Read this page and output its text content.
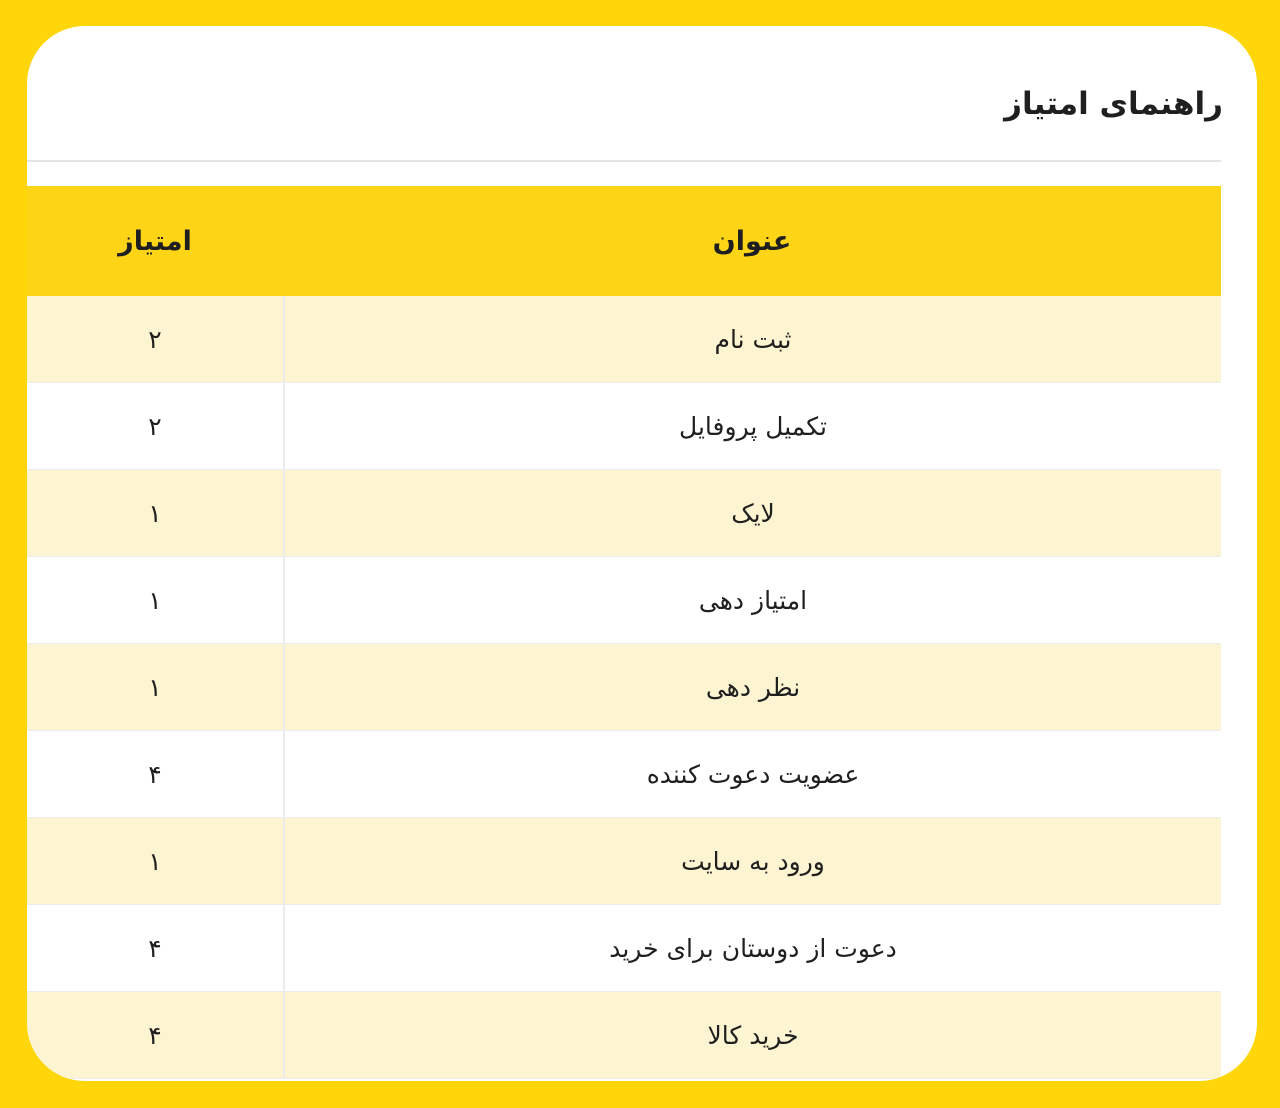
راهنمای امتیاز
امتیاز	عنوان
۲	ثبت نام
۲	تکمیل پروفایل
۱	لایک
۱	امتیاز دهی
۱	نظر دهی
۴	عضویت دعوت کننده
۱	ورود به سایت
۴	دعوت از دوستان برای خرید
۴	خرید کالا
